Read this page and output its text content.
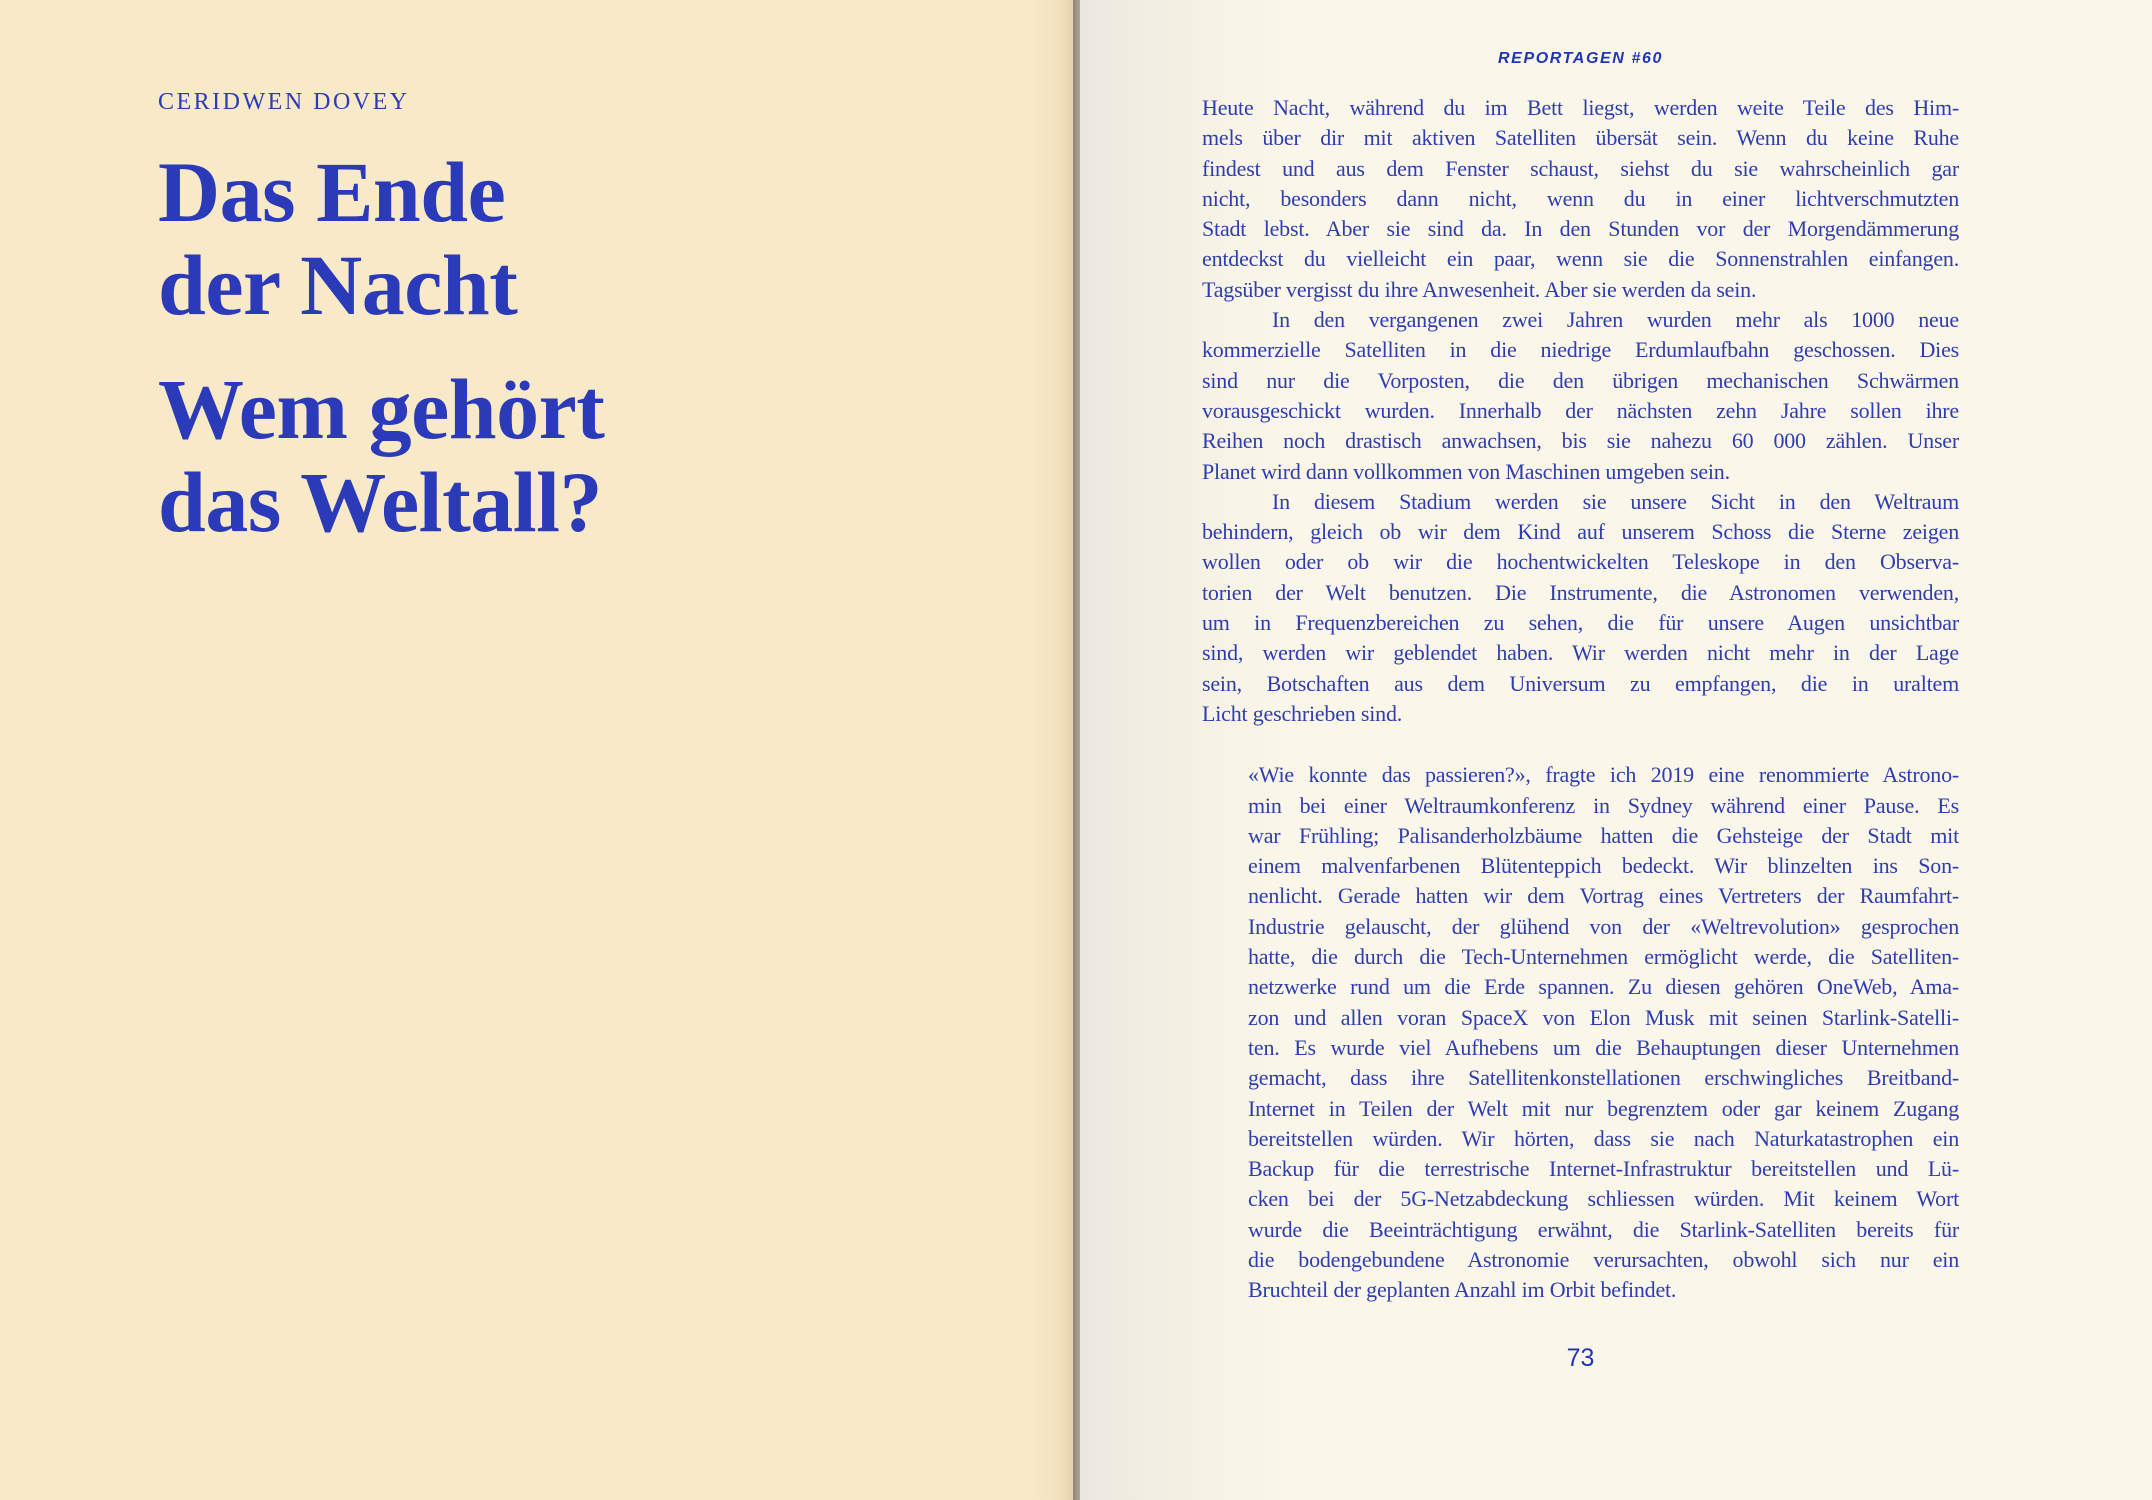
CERIDWEN DOVEY
Das Ende
der Nacht
Wem gehört
das Weltall?
REPORTAGEN #60
Heute Nacht, während du im Bett liegst, werden weite Teile des Him-
mels über dir mit aktiven Satelliten übersät sein. Wenn du keine Ruhe
findest und aus dem Fenster schaust, siehst du sie wahrscheinlich gar
nicht, besonders dann nicht, wenn du in einer lichtverschmutzten
Stadt lebst. Aber sie sind da. In den Stunden vor der Morgendämmerung
entdeckst du vielleicht ein paar, wenn sie die Sonnenstrahlen einfangen.
Tagsüber vergisst du ihre Anwesenheit. Aber sie werden da sein.
In den vergangenen zwei Jahren wurden mehr als 1000 neue
kommerzielle Satelliten in die niedrige Erdumlaufbahn geschossen. Dies
sind nur die Vorposten, die den übrigen mechanischen Schwärmen
vorausgeschickt wurden. Innerhalb der nächsten zehn Jahre sollen ihre
Reihen noch drastisch anwachsen, bis sie nahezu 60 000 zählen. Unser
Planet wird dann vollkommen von Maschinen umgeben sein.
In diesem Stadium werden sie unsere Sicht in den Weltraum
behindern, gleich ob wir dem Kind auf unserem Schoss die Sterne zeigen
wollen oder ob wir die hochentwickelten Teleskope in den Observa-
torien der Welt benutzen. Die Instrumente, die Astronomen verwenden,
um in Frequenzbereichen zu sehen, die für unsere Augen unsichtbar
sind, werden wir geblendet haben. Wir werden nicht mehr in der Lage
sein, Botschaften aus dem Universum zu empfangen, die in uraltem
Licht geschrieben sind.
«Wie konnte das passieren?», fragte ich 2019 eine renommierte Astrono-
min bei einer Weltraumkonferenz in Sydney während einer Pause. Es
war Frühling; Palisanderholzbäume hatten die Gehsteige der Stadt mit
einem malvenfarbenen Blütenteppich bedeckt. Wir blinzelten ins Son-
nenlicht. Gerade hatten wir dem Vortrag eines Vertreters der Raumfahrt-
Industrie gelauscht, der glühend von der «Weltrevolution» gesprochen
hatte, die durch die Tech-Unternehmen ermöglicht werde, die Satelliten-
netzwerke rund um die Erde spannen. Zu diesen gehören OneWeb, Ama-
zon und allen voran SpaceX von Elon Musk mit seinen Starlink-Satelli-
ten. Es wurde viel Aufhebens um die Behauptungen dieser Unternehmen
gemacht, dass ihre Satellitenkonstellationen erschwingliches Breitband-
Internet in Teilen der Welt mit nur begrenztem oder gar keinem Zugang
bereitstellen würden. Wir hörten, dass sie nach Naturkatastrophen ein
Backup für die terrestrische Internet-Infrastruktur bereitstellen und Lü-
cken bei der 5G-Netzabdeckung schliessen würden. Mit keinem Wort
wurde die Beeinträchtigung erwähnt, die Starlink-Satelliten bereits für
die bodengebundene Astronomie verursachten, obwohl sich nur ein
Bruchteil der geplanten Anzahl im Orbit befindet.
73
